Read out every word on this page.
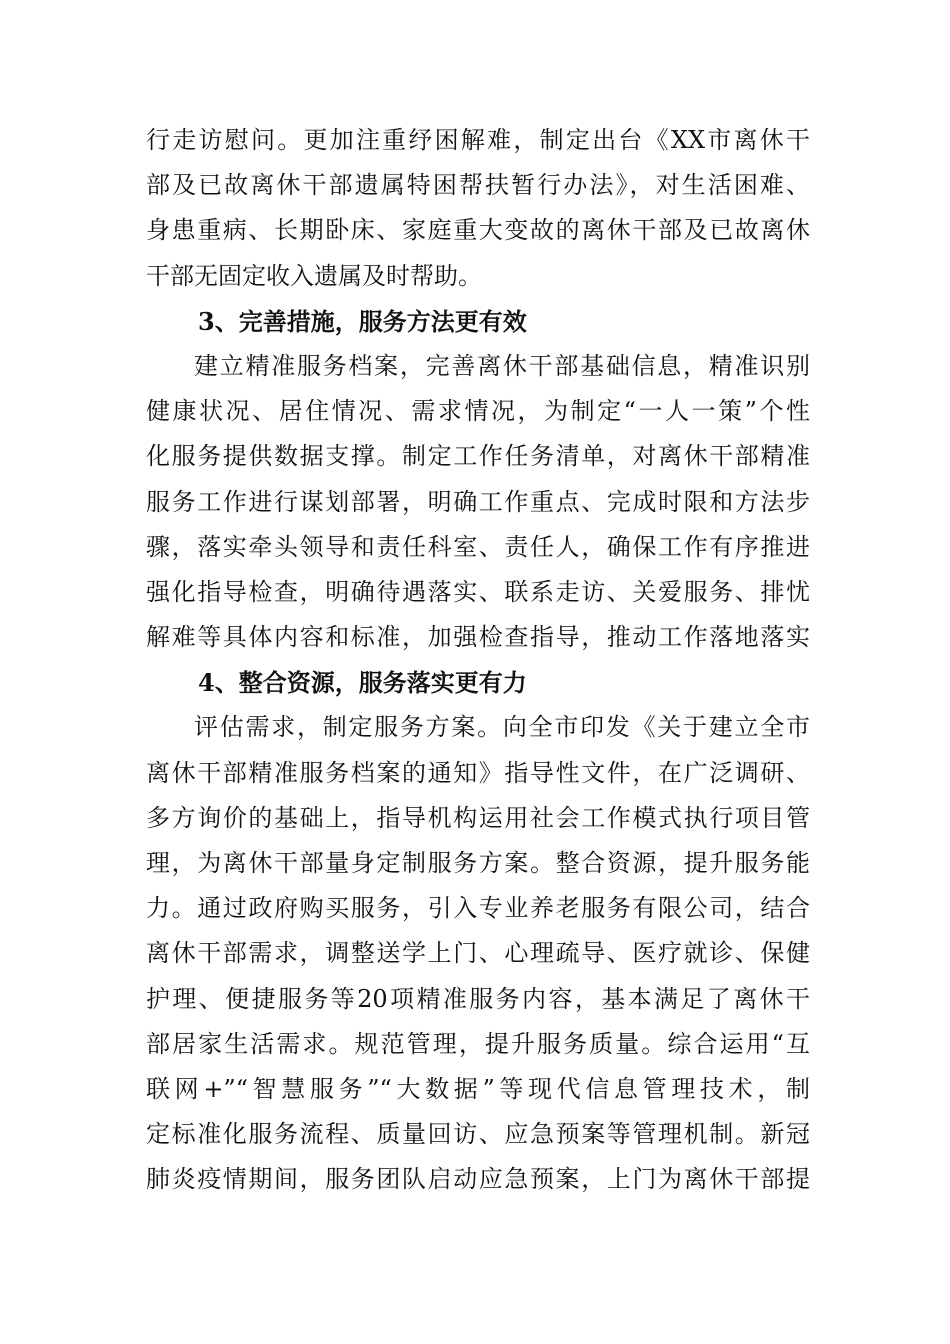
行走访慰问。更加注重纾困解难，制定出台《XX市离休干
部及已故离休干部遗属特困帮扶暂行办法》，对生活困难、
身患重病、长期卧床、家庭重大变故的离休干部及已故离休
干部无固定收入遗属及时帮助。
3、完善措施，服务方法更有效
建立精准服务档案，完善离休干部基础信息，精准识别
健康状况、居住情况、需求情况，为制定“一人一策”个性
化服务提供数据支撑。制定工作任务清单，对离休干部精准
服务工作进行谋划部署，明确工作重点、完成时限和方法步
骤，落实牵头领导和责任科室、责任人，确保工作有序推进
强化指导检查，明确待遇落实、联系走访、关爱服务、排忧
解难等具体内容和标准，加强检查指导，推动工作落地落实
4、整合资源，服务落实更有力
评估需求，制定服务方案。向全市印发《关于建立全市
离休干部精准服务档案的通知》指导性文件，在广泛调研、
多方询价的基础上，指导机构运用社会工作模式执行项目管
理，为离休干部量身定制服务方案。整合资源，提升服务能
力。通过政府购买服务，引入专业养老服务有限公司，结合
离休干部需求，调整送学上门、心理疏导、医疗就诊、保健
护理、便捷服务等20项精准服务内容，基本满足了离休干
部居家生活需求。规范管理，提升服务质量。综合运用“互
联网+”“智慧服务”“大数据”等现代信息管理技术，制
定标准化服务流程、质量回访、应急预案等管理机制。新冠
肺炎疫情期间，服务团队启动应急预案，上门为离休干部提
